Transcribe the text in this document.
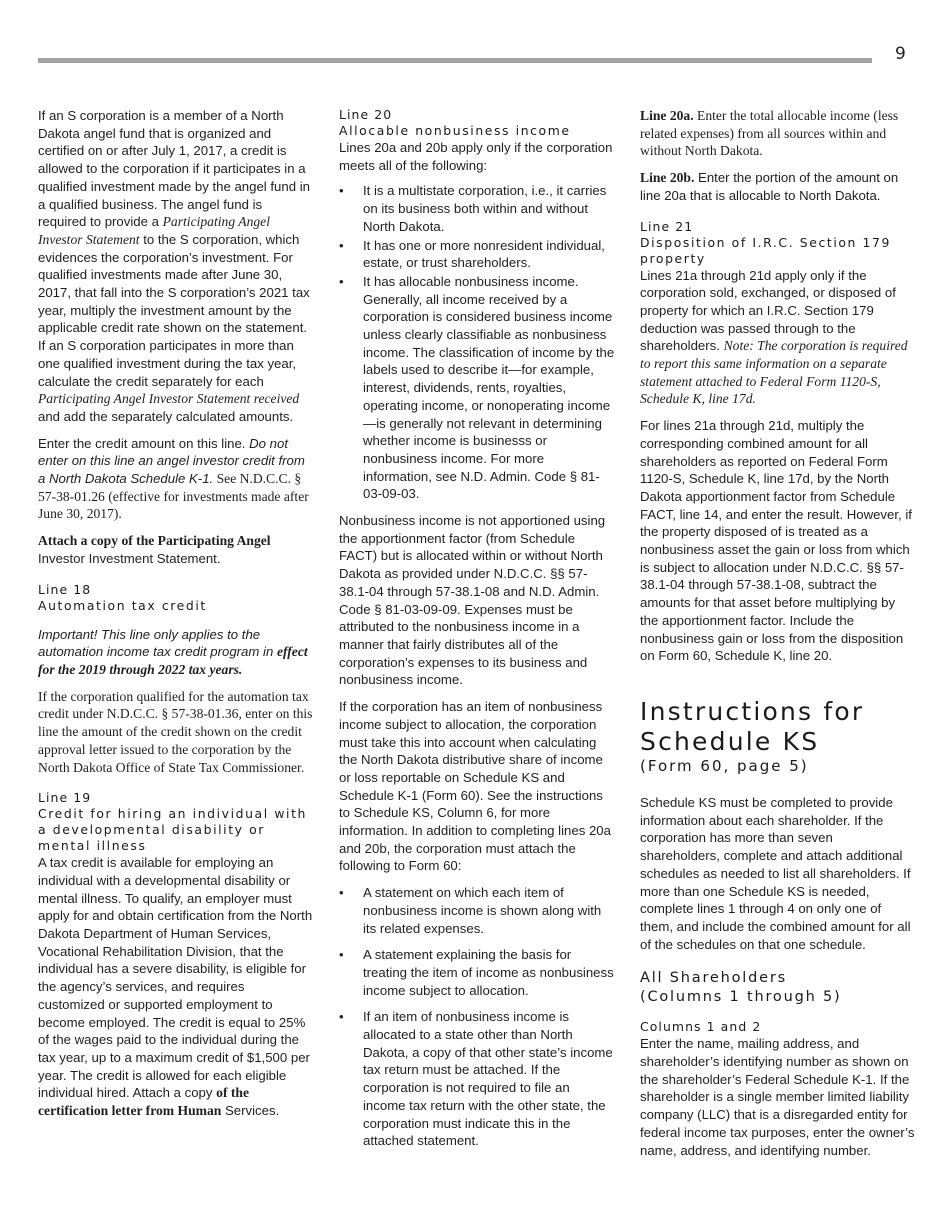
9

If an S corporation is a member of a North Dakota angel fund that is organized and certified on or after July 1, 2017, a credit is allowed to the corporation if it participates in a qualified investment made by the angel fund in a qualified business. The angel fund is required to provide a Participating Angel Investor Statement to the S corporation, which evidences the corporation’s investment. For qualified investments made after June 30, 2017, that fall into the S corporation’s 2021 tax year, multiply the investment amount by the applicable credit rate shown on the statement. If an S corporation participates in more than one qualified investment during the tax year, calculate the credit separately for each Participating Angel Investor Statement received and add the separately calculated amounts.

Enter the credit amount on this line. Do not enter on this line an angel investor credit from a North Dakota Schedule K-1. See N.D.C.C. § 57-38-01.26 (effective for investments made after June 30, 2017).

Attach a copy of the Participating Angel Investor Investment Statement.

Line 18
Automation tax credit

Important! This line only applies to the automation income tax credit program in effect for the 2019 through 2022 tax years.

If the corporation qualified for the automation tax credit under N.D.C.C. § 57-38-01.36, enter on this line the amount of the credit shown on the credit approval letter issued to the corporation by the North Dakota Office of State Tax Commissioner.

Line 19
Credit for hiring an individual with a developmental disability or mental illness

A tax credit is available for employing an individual with a developmental disability or mental illness. To qualify, an employer must apply for and obtain certification from the North Dakota Department of Human Services, Vocational Rehabilitation Division, that the individual has a severe disability, is eligible for the agency’s services, and requires customized or supported employment to become employed. The credit is equal to 25% of the wages paid to the individual during the tax year, up to a maximum credit of $1,500 per year. The credit is allowed for each eligible individual hired. Attach a copy of the certification letter from Human Services.

Line 20
Allocable nonbusiness income

Lines 20a and 20b apply only if the corporation meets all of the following:

• It is a multistate corporation, i.e., it carries on its business both within and without North Dakota.
• It has one or more nonresident individual, estate, or trust shareholders.
• It has allocable nonbusiness income. Generally, all income received by a corporation is considered business income unless clearly classifiable as nonbusiness income. The classification of income by the labels used to describe it—for example, interest, dividends, rents, royalties, operating income, or nonoperating income—is generally not relevant in determining whether income is businesss or nonbusiness income. For more information, see N.D. Admin. Code § 81-03-09-03.

Nonbusiness income is not apportioned using the apportionment factor (from Schedule FACT) but is allocated within or without North Dakota as provided under N.D.C.C. §§ 57-38.1-04 through 57-38.1-08 and N.D. Admin. Code § 81-03-09-09. Expenses must be attributed to the nonbusiness income in a manner that fairly distributes all of the corporation’s expenses to its business and nonbusiness income.

If the corporation has an item of nonbusiness income subject to allocation, the corporation must take this into account when calculating the North Dakota distributive share of income or loss reportable on Schedule KS and Schedule K-1 (Form 60). See the instructions to Schedule KS, Column 6, for more information. In addition to completing lines 20a and 20b, the corporation must attach the following to Form 60:

• A statement on which each item of nonbusiness income is shown along with its related expenses.
• A statement explaining the basis for treating the item of income as nonbusiness income subject to allocation.
• If an item of nonbusiness income is allocated to a state other than North Dakota, a copy of that other state’s income tax return must be attached. If the corporation is not required to file an income tax return with the other state, the corporation must indicate this in the attached statement.

Line 20a. Enter the total allocable income (less related expenses) from all sources within and without North Dakota.

Line 20b. Enter the portion of the amount on line 20a that is allocable to North Dakota.

Line 21
Disposition of I.R.C. Section 179 property

Lines 21a through 21d apply only if the corporation sold, exchanged, or disposed of property for which an I.R.C. Section 179 deduction was passed through to the shareholders. Note: The corporation is required to report this same information on a separate statement attached to Federal Form 1120-S, Schedule K, line 17d.

For lines 21a through 21d, multiply the corresponding combined amount for all shareholders as reported on Federal Form 1120-S, Schedule K, line 17d, by the North Dakota apportionment factor from Schedule FACT, line 14, and enter the result. However, if the property disposed of is treated as a nonbusiness asset the gain or loss from which is subject to allocation under N.D.C.C. §§ 57-38.1-04 through 57-38.1-08, subtract the amounts for that asset before multiplying by the apportionment factor. Include the nonbusiness gain or loss from the disposition on Form 60, Schedule K, line 20.

Instructions for Schedule KS
(Form 60, page 5)

Schedule KS must be completed to provide information about each shareholder. If the corporation has more than seven shareholders, complete and attach additional schedules as needed to list all shareholders. If more than one Schedule KS is needed, complete lines 1 through 4 on only one of them, and include the combined amount for all of the schedules on that one schedule.

All Shareholders
(Columns 1 through 5)
Columns 1 and 2

Enter the name, mailing address, and shareholder’s identifying number as shown on the shareholder’s Federal Schedule K-1. If the shareholder is a single member limited liability company (LLC) that is a disregarded entity for federal income tax purposes, enter the owner’s name, address, and identifying number.
